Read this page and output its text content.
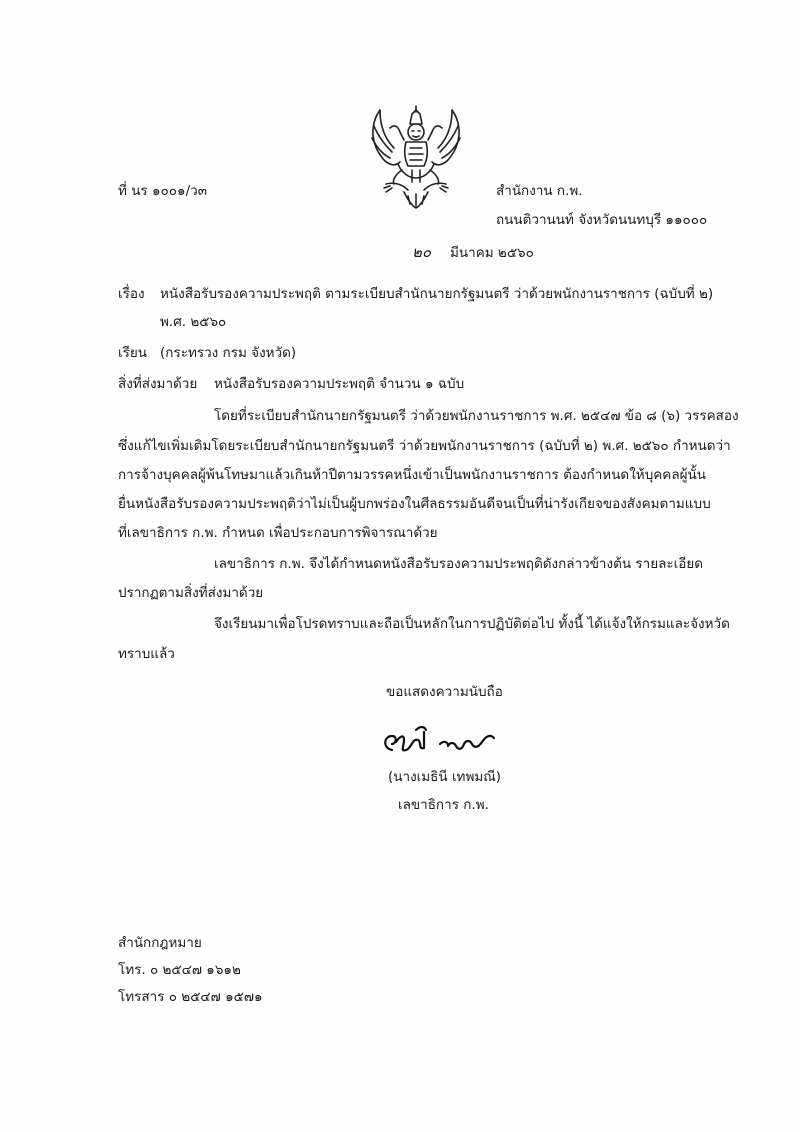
ที่ นร ๑๐๐๑/ว๓	สำนักงาน ก.พ.
ถนนติวานนท์ จังหวัดนนทบุรี ๑๑๐๐๐
๒๐ มีนาคม ๒๕๖๐
เรื่อง หนังสือรับรองความประพฤติ ตามระเบียบสำนักนายกรัฐมนตรี ว่าด้วยพนักงานราชการ (ฉบับที่ ๒)
พ.ศ. ๒๕๖๐
เรียน (กระทรวง กรม จังหวัด)
สิ่งที่ส่งมาด้วย หนังสือรับรองความประพฤติ จำนวน ๑ ฉบับ
โดยที่ระเบียบสำนักนายกรัฐมนตรี ว่าด้วยพนักงานราชการ พ.ศ. ๒๕๔๗ ข้อ ๘ (๖) วรรคสอง
ซึ่งแก้ไขเพิ่มเติมโดยระเบียบสำนักนายกรัฐมนตรี ว่าด้วยพนักงานราชการ (ฉบับที่ ๒) พ.ศ. ๒๕๖๐ กำหนดว่า
การจ้างบุคคลผู้พ้นโทษมาแล้วเกินห้าปีตามวรรคหนึ่งเข้าเป็นพนักงานราชการ ต้องกำหนดให้บุคคลผู้นั้น
ยื่นหนังสือรับรองความประพฤติว่าไม่เป็นผู้บกพร่องในศีลธรรมอันดีจนเป็นที่น่ารังเกียจของสังคมตามแบบ
ที่เลขาธิการ ก.พ. กำหนด เพื่อประกอบการพิจารณาด้วย
เลขาธิการ ก.พ. จึงได้กำหนดหนังสือรับรองความประพฤติดังกล่าวข้างต้น รายละเอียด
ปรากฏตามสิ่งที่ส่งมาด้วย
จึงเรียนมาเพื่อโปรดทราบและถือเป็นหลักในการปฏิบัติต่อไป ทั้งนี้ ได้แจ้งให้กรมและจังหวัด
ทราบแล้ว
ขอแสดงความนับถือ
(นางเมธินี เทพมณี)
เลขาธิการ ก.พ.
สำนักกฎหมาย
โทร. ๐ ๒๕๔๗ ๑๖๑๒
โทรสาร ๐ ๒๕๔๗ ๑๕๗๑
